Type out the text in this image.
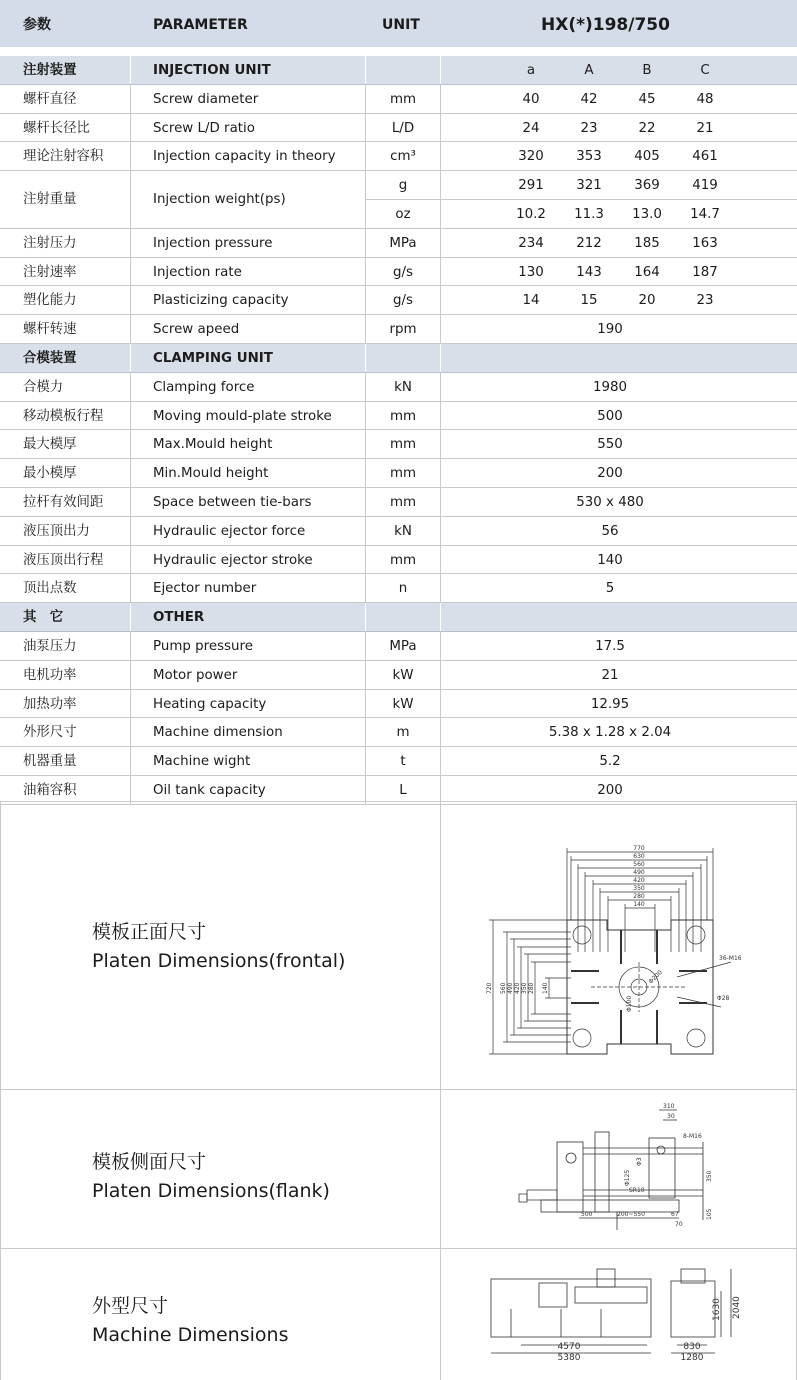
参数	PARAMETER	UNIT	HX(*)198/750
注射装置	INJECTION UNIT	a	A	B	C
螺杆直径	Screw diameter	mm	40	42	45	48
螺杆长径比	Screw L/D ratio	L/D	24	23	22	21
理论注射容积	Injection capacity in theory	cm³	320	353	405	461
注射重量	Injection weight(ps)
g	291	321	369	419
oz	10.2	11.3	13.0	14.7
注射压力	Injection pressure	MPa	234	212	185	163
注射速率	Injection rate	g/s	130	143	164	187
塑化能力	Plasticizing capacity	g/s	14	15	20	23
螺杆转速	Screw apeed	rpm	190
合模装置	CLAMPING UNIT
合模力	Clamping force	kN	1980
移动模板行程	Moving mould-plate stroke	mm	500
最大模厚	Max.Mould height	mm	550
最小模厚	Min.Mould height	mm	200
拉杆有效间距	Space between tie-bars	mm	530 x 480
液压顶出力	Hydraulic ejector force	kN	56
液压顶出行程	Hydraulic ejector stroke	mm	140
顶出点数	Ejector number	n	5
其　它	OTHER
油泵压力	Pump pressure	MPa	17.5
电机功率	Motor power	kW	21
加热功率	Heating capacity	kW	12.95
外形尺寸	Machine dimension	m	5.38 x 1.28 x 2.04
机器重量	Machine wight	t	5.2
油箱容积	Oil tank capacity	L	200
模板正面尺寸
Platen Dimensions(frontal)
770
630
560
490
420
350
280
140
720 560 490 420 350 280 140
36-M16
Φ28
Φ200
Φ100
模板侧面尺寸
Platen Dimensions(flank)
310
30
8-M16
Φ125
Φ3
SR10
500	200~550	67
70
350
105
外型尺寸
Machine Dimensions
4570
5380
830
1280
1630 2040
